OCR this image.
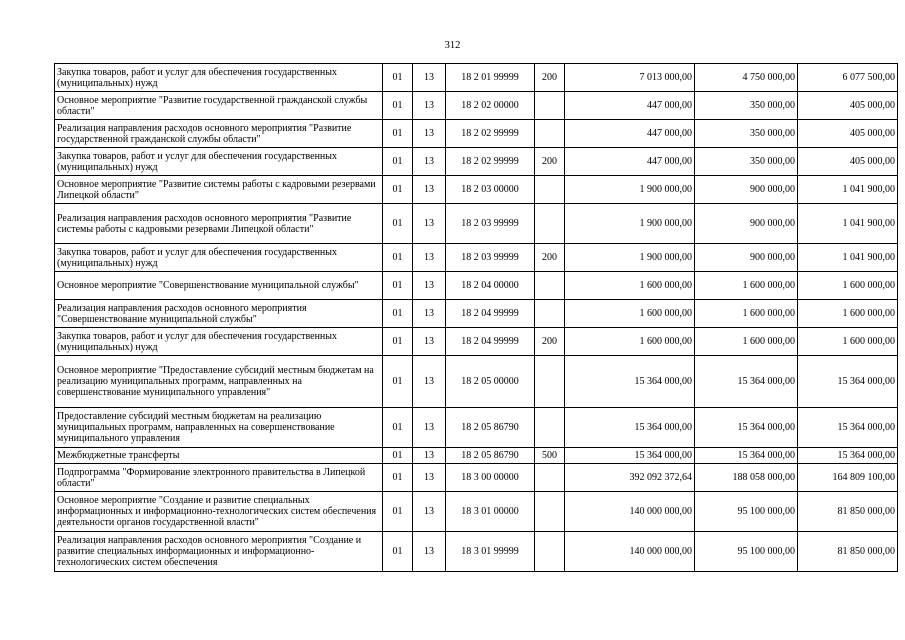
312
Закупка товаров, работ и услуг для обеспечения государственных (муниципальных) нужд	01	13	18 2 01 99999	200	7 013 000,00	4 750 000,00	6 077 500,00
Основное мероприятие "Развитие государственной гражданской службы области"	01	13	18 2 02 00000		447 000,00	350 000,00	405 000,00
Реализация направления расходов основного мероприятия "Развитие государственной гражданской службы области"	01	13	18 2 02 99999		447 000,00	350 000,00	405 000,00
Закупка товаров, работ и услуг для обеспечения государственных (муниципальных) нужд	01	13	18 2 02 99999	200	447 000,00	350 000,00	405 000,00
Основное мероприятие "Развитие системы работы с кадровыми резервами Липецкой области"	01	13	18 2 03 00000		1 900 000,00	900 000,00	1 041 900,00
Реализация направления расходов основного мероприятия "Развитие системы работы с кадровыми резервами Липецкой области"	01	13	18 2 03 99999		1 900 000,00	900 000,00	1 041 900,00
Закупка товаров, работ и услуг для обеспечения государственных (муниципальных) нужд	01	13	18 2 03 99999	200	1 900 000,00	900 000,00	1 041 900,00
Основное мероприятие "Совершенствование муниципальной службы"	01	13	18 2 04 00000		1 600 000,00	1 600 000,00	1 600 000,00
Реализация направления расходов основного мероприятия "Совершенствование муниципальной службы"	01	13	18 2 04 99999		1 600 000,00	1 600 000,00	1 600 000,00
Закупка товаров, работ и услуг для обеспечения государственных (муниципальных) нужд	01	13	18 2 04 99999	200	1 600 000,00	1 600 000,00	1 600 000,00
Основное мероприятие "Предоставление субсидий местным бюджетам на реализацию муниципальных программ, направленных на совершенствование муниципального управления"	01	13	18 2 05 00000		15 364 000,00	15 364 000,00	15 364 000,00
Предоставление субсидий местным бюджетам на реализацию муниципальных программ, направленных на совершенствование муниципального управления	01	13	18 2 05 86790		15 364 000,00	15 364 000,00	15 364 000,00
Межбюджетные трансферты	01	13	18 2 05 86790	500	15 364 000,00	15 364 000,00	15 364 000,00
Подпрограмма "Формирование электронного правительства в Липецкой области"	01	13	18 3 00 00000		392 092 372,64	188 058 000,00	164 809 100,00
Основное мероприятие "Создание и развитие специальных информационных и информационно-технологических систем обеспечения деятельности органов государственной власти"	01	13	18 3 01 00000		140 000 000,00	95 100 000,00	81 850 000,00
Реализация направления расходов основного мероприятия "Создание и развитие специальных информационных и информационно-технологических систем обеспечения	01	13	18 3 01 99999		140 000 000,00	95 100 000,00	81 850 000,00
